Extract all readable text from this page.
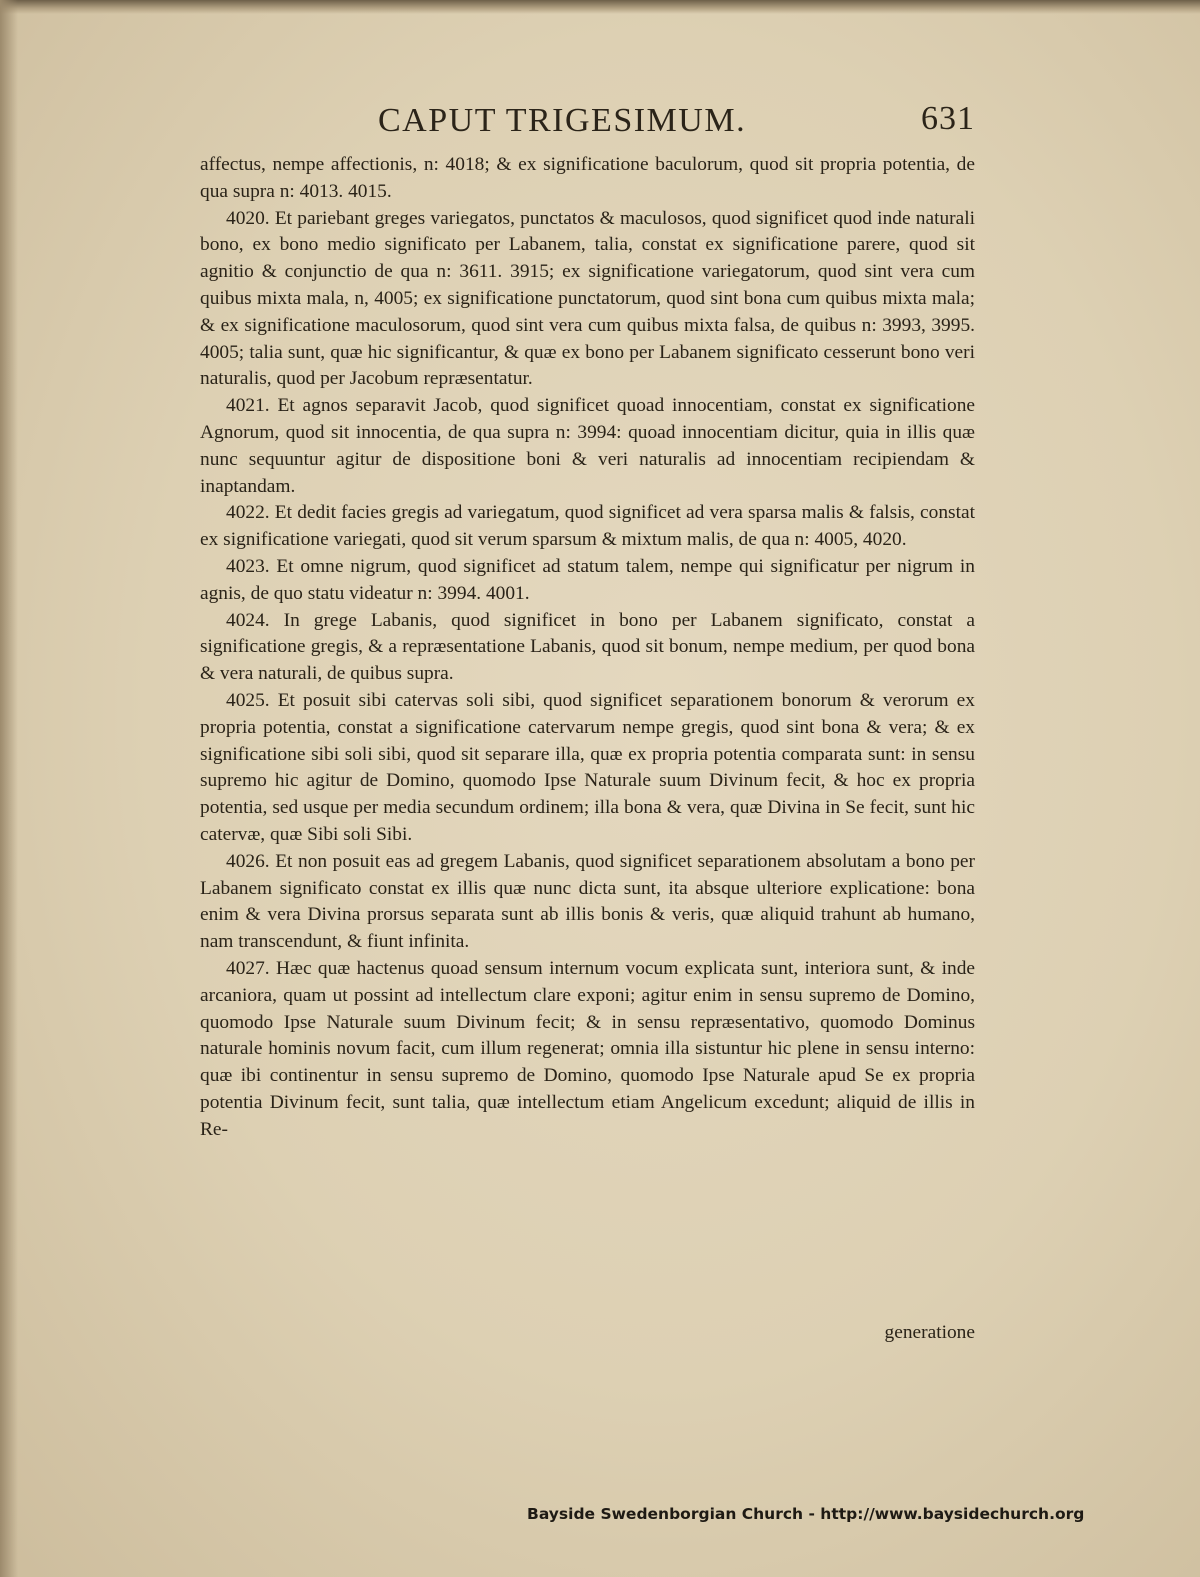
CAPUT TRIGESIMUM.	631

affectus, nempe affectionis, n: 4018; & ex significatione baculorum, quod sit propria potentia, de qua supra n: 4013. 4015.

4020. Et pariebant greges variegatos, punctatos & maculosos, quod significet quod inde naturali bono, ex bono medio significato per Labanem, talia, constat ex significatione parere, quod sit agnitio & conjunctio de qua n: 3611. 3915; ex significatione variegatorum, quod sint vera cum quibus mixta mala, n, 4005; ex significatione punctatorum, quod sint bona cum quibus mixta mala; & ex significatione maculosorum, quod sint vera cum quibus mixta falsa, de quibus n: 3993, 3995. 4005; talia sunt, quæ hic significantur, & quæ ex bono per Labanem significato cesserunt bono veri naturalis, quod per Jacobum repræsentatur.

4021. Et agnos separavit Jacob, quod significet quoad innocentiam, constat ex significatione Agnorum, quod sit innocentia, de qua supra n: 3994: quoad innocentiam dicitur, quia in illis quæ nunc sequuntur agitur de dispositione boni & veri naturalis ad innocentiam recipiendam & inaptandam.

4022. Et dedit facies gregis ad variegatum, quod significet ad vera sparsa malis & falsis, constat ex significatione variegati, quod sit verum sparsum & mixtum malis, de qua n: 4005, 4020.

4023. Et omne nigrum, quod significet ad statum talem, nempe qui significatur per nigrum in agnis, de quo statu videatur n: 3994. 4001.

4024. In grege Labanis, quod significet in bono per Labanem significato, constat a significatione gregis, & a repræsentatione Labanis, quod sit bonum, nempe medium, per quod bona & vera naturali, de quibus supra.

4025. Et posuit sibi catervas soli sibi, quod significet separationem bonorum & verorum ex propria potentia, constat a significatione catervarum nempe gregis, quod sint bona & vera; & ex significatione sibi soli sibi, quod sit separare illa, quæ ex propria potentia comparata sunt: in sensu supremo hic agitur de Domino, quomodo Ipse Naturale suum Divinum fecit, & hoc ex propria potentia, sed usque per media secundum ordinem; illa bona & vera, quæ Divina in Se fecit, sunt hic catervæ, quæ Sibi soli Sibi.

4026. Et non posuit eas ad gregem Labanis, quod significet separationem absolutam a bono per Labanem significato constat ex illis quæ nunc dicta sunt, ita absque ulteriore explicatione: bona enim & vera Divina prorsus separata sunt ab illis bonis & veris, quæ aliquid trahunt ab humano, nam transcendunt, & fiunt infinita.

4027. Hæc quæ hactenus quoad sensum internum vocum explicata sunt, interiora sunt, & inde arcaniora, quam ut possint ad intellectum clare exponi; agitur enim in sensu supremo de Domino, quomodo Ipse Naturale suum Divinum fecit; & in sensu repræsentativo, quomodo Dominus naturale hominis novum facit, cum illum regenerat; omnia illa sistuntur hic plene in sensu interno: quæ ibi continentur in sensu supremo de Domino, quomodo Ipse Naturale apud Se ex propria potentia Divinum fecit, sunt talia, quæ intellectum etiam Angelicum excedunt; aliquid de illis in Re-

generatione
Bayside Swedenborgian Church - http://www.baysidechurch.org
